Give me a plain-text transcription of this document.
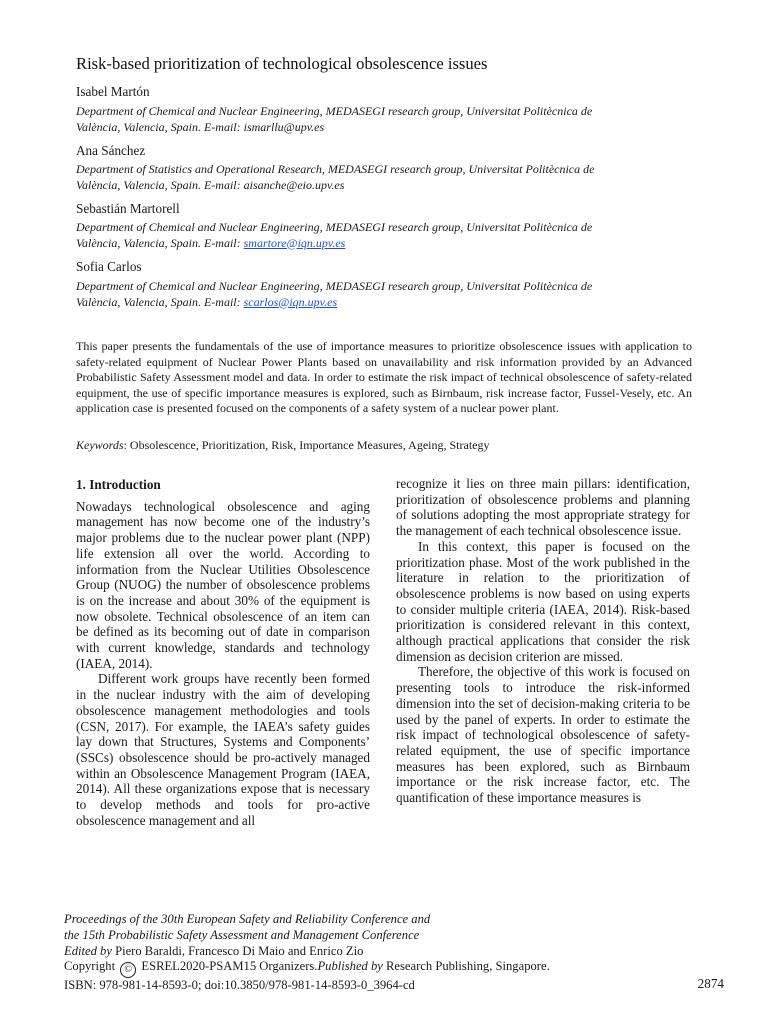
Risk-based prioritization of technological obsolescence issues
Isabel Martón
Department of Chemical and Nuclear Engineering, MEDASEGI research group, Universitat Politècnica de
València, Valencia, Spain. E-mail: ismarllu@upv.es
Ana Sánchez
Department of Statistics and Operational Research, MEDASEGI research group, Universitat Politècnica de
València, Valencia, Spain. E-mail: aisanche@eio.upv.es
Sebastián Martorell
Department of Chemical and Nuclear Engineering, MEDASEGI research group, Universitat Politècnica de
València, Valencia, Spain. E-mail: smartore@iqn.upv.es
Sofia Carlos
Department of Chemical and Nuclear Engineering, MEDASEGI research group, Universitat Politècnica de
València, Valencia, Spain. E-mail: scarlos@iqn.upv.es
This paper presents the fundamentals of the use of importance measures to prioritize obsolescence issues with application to safety-related equipment of Nuclear Power Plants based on unavailability and risk information provided by an Advanced Probabilistic Safety Assessment model and data. In order to estimate the risk impact of technical obsolescence of safety-related equipment, the use of specific importance measures is explored, such as Birnbaum, risk increase factor, Fussel-Vesely, etc. An application case is presented focused on the components of a safety system of a nuclear power plant.
Keywords: Obsolescence, Prioritization, Risk, Importance Measures, Ageing, Strategy
1. Introduction

Nowadays technological obsolescence and aging management has now become one of the industry’s major problems due to the nuclear power plant (NPP) life extension all over the world. According to information from the Nuclear Utilities Obsolescence Group (NUOG) the number of obsolescence problems is on the increase and about 30% of the equipment is now obsolete. Technical obsolescence of an item can be defined as its becoming out of date in comparison with current knowledge, standards and technology (IAEA, 2014).

Different work groups have recently been formed in the nuclear industry with the aim of developing obsolescence management methodologies and tools (CSN, 2017). For example, the IAEA’s safety guides lay down that Structures, Systems and Components’ (SSCs) obsolescence should be pro-actively managed within an Obsolescence Management Program (IAEA, 2014). All these organizations expose that is necessary to develop methods and tools for pro-active obsolescence management and all

recognize it lies on three main pillars: identification, prioritization of obsolescence problems and planning of solutions adopting the most appropriate strategy for the management of each technical obsolescence issue.

In this context, this paper is focused on the prioritization phase. Most of the work published in the literature in relation to the prioritization of obsolescence problems is now based on using experts to consider multiple criteria (IAEA, 2014). Risk-based prioritization is considered relevant in this context, although practical applications that consider the risk dimension as decision criterion are missed.

Therefore, the objective of this work is focused on presenting tools to introduce the risk-informed dimension into the set of decision-making criteria to be used by the panel of experts. In order to estimate the risk impact of technological obsolescence of safety-related equipment, the use of specific importance measures has been explored, such as Birnbaum importance or the risk increase factor, etc. The quantification of these importance measures is

Proceedings of the 30th European Safety and Reliability Conference and
the 15th Probabilistic Safety Assessment and Management Conference
Edited by Piero Baraldi, Francesco Di Maio and Enrico Zio
Copyright © ESREL2020-PSAM15 Organizers.Published by Research Publishing, Singapore.
ISBN: 978-981-14-8593-0; doi:10.3850/978-981-14-8593-0_3964-cd	2874
